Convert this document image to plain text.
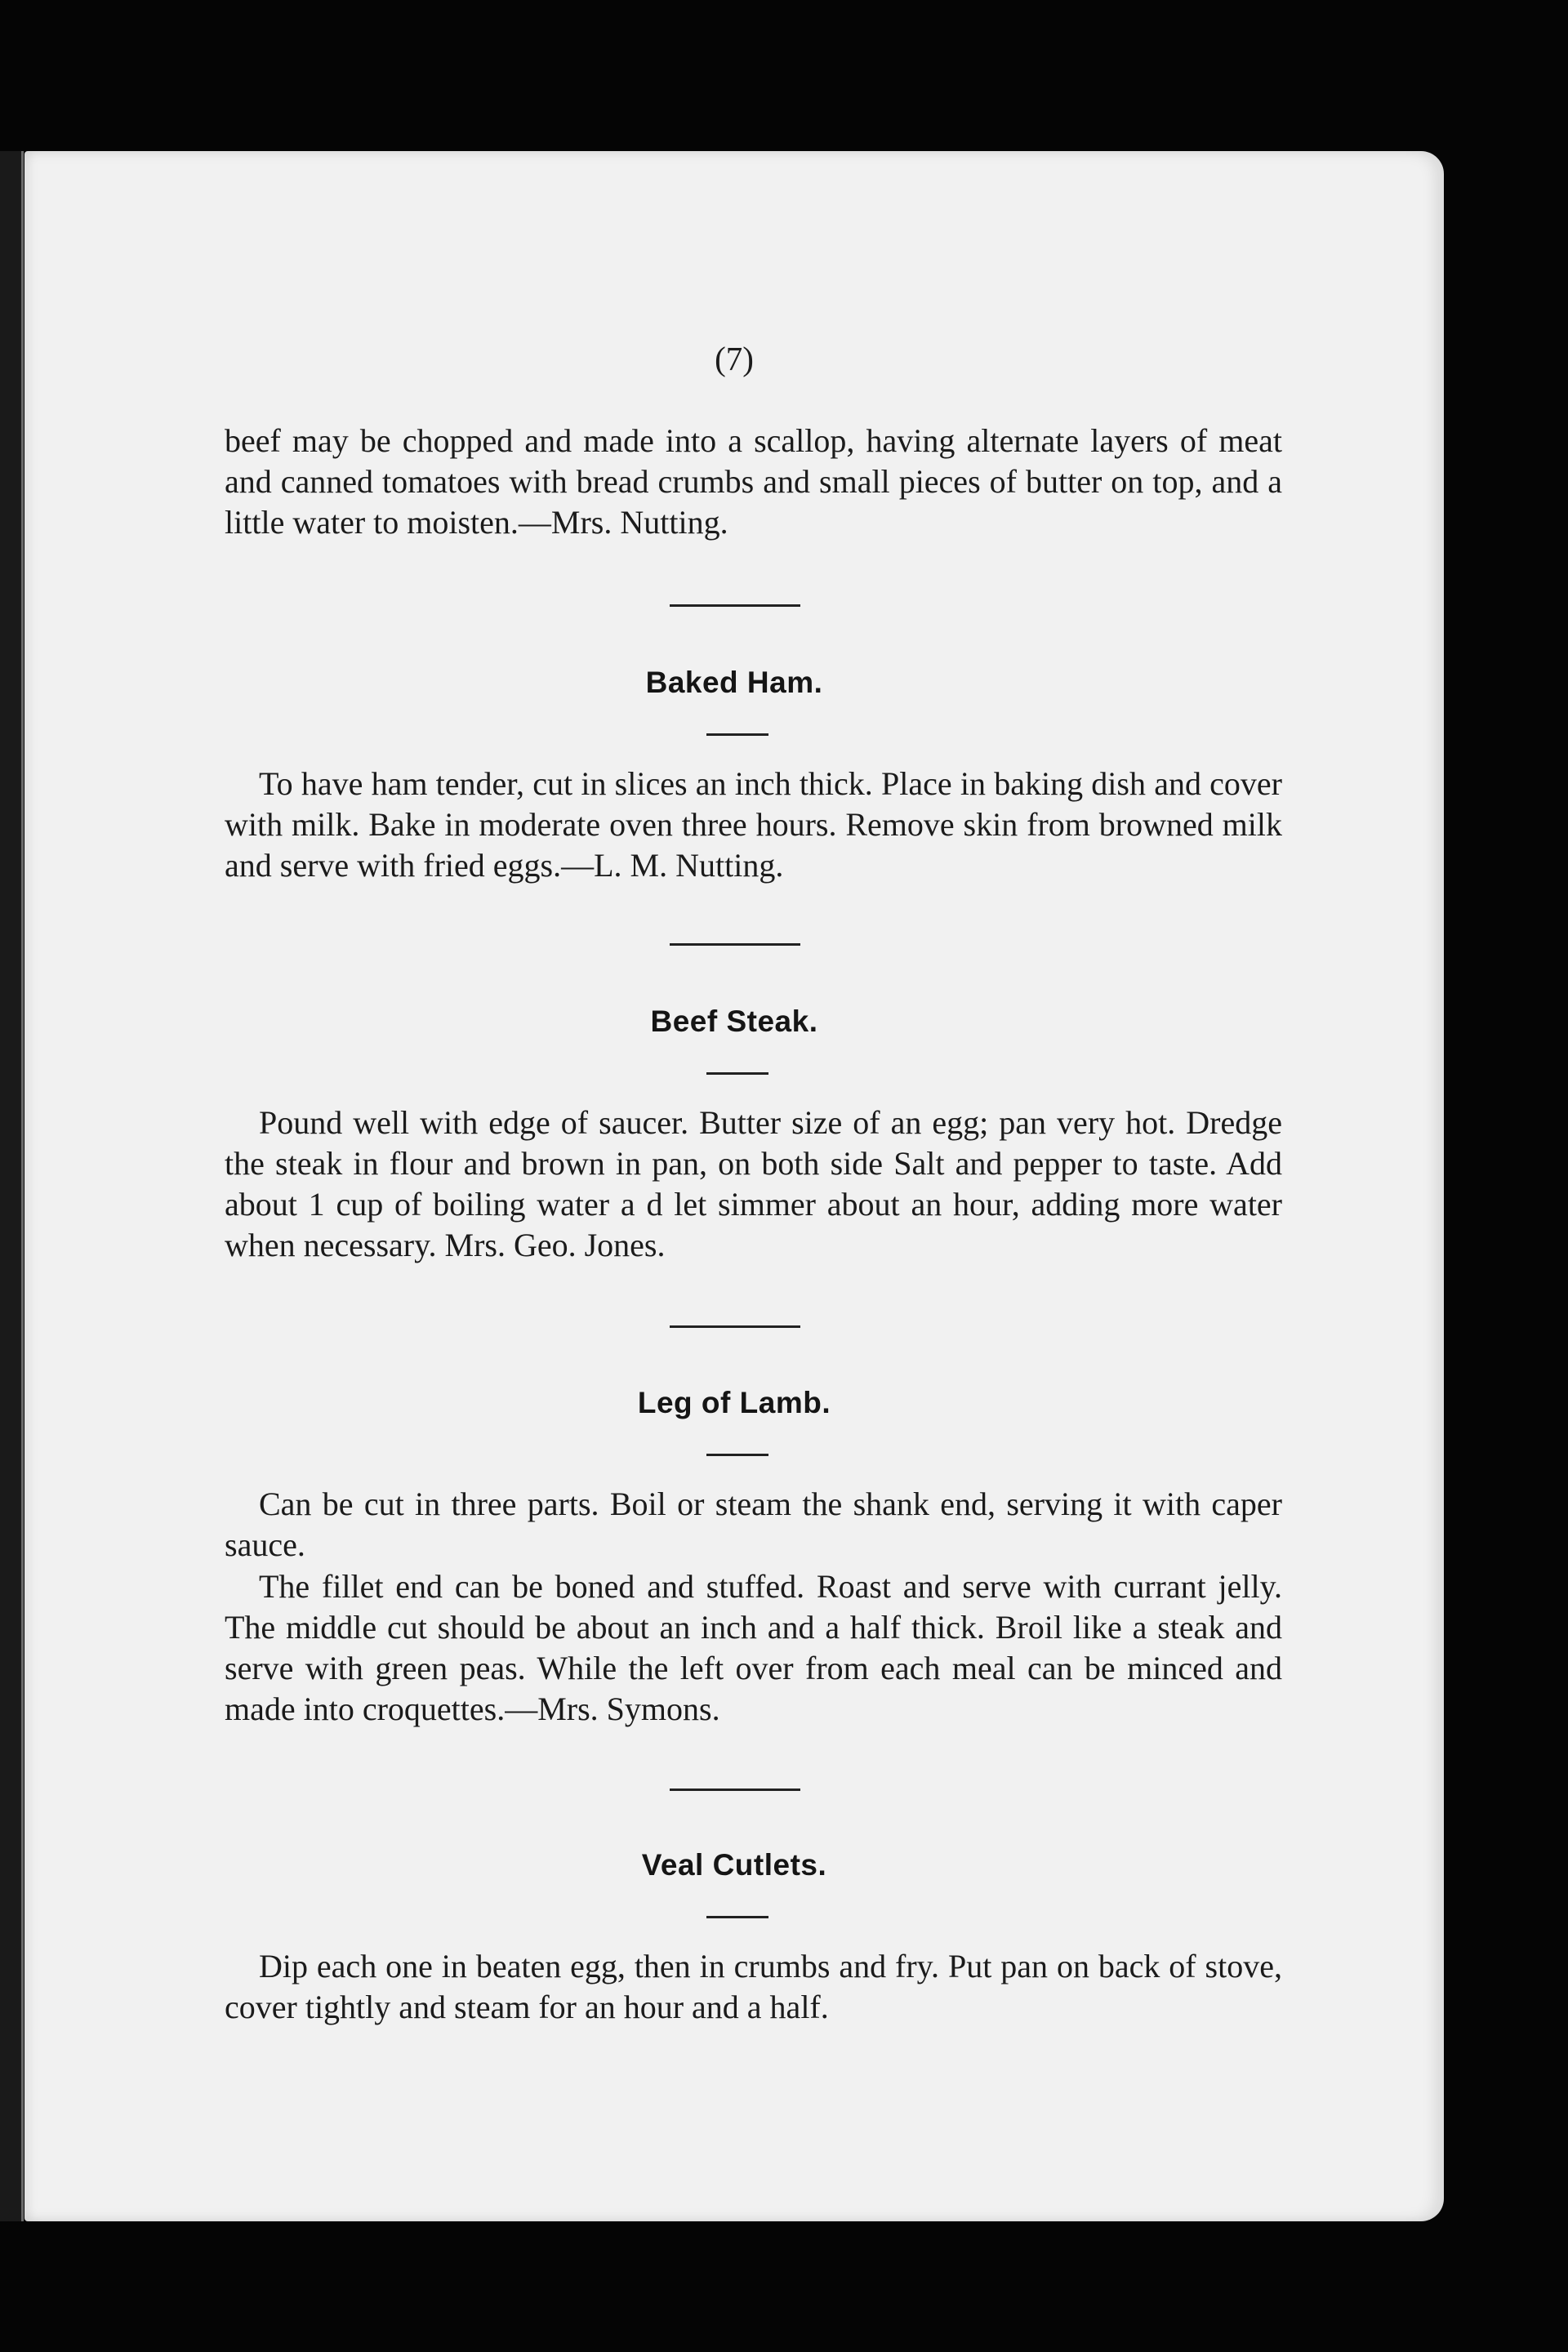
(7)

beef may be chopped and made into a scallop, having alternate layers of meat and canned tomatoes with bread crumbs and small pieces of butter on top, and a little water to moisten.—Mrs. Nutting.

Baked Ham.

To have ham tender, cut in slices an inch thick. Place in baking dish and cover with milk. Bake in moderate oven three hours. Remove skin from browned milk and serve with fried eggs.—L. M. Nutting.

Beef Steak.

Pound well with edge of saucer. Butter size of an egg; pan very hot. Dredge the steak in flour and brown in pan, on both side Salt and pepper to taste. Add about 1 cup of boiling water a d let simmer about an hour, adding more water when necessary. Mrs. Geo. Jones.

Leg of Lamb.

Can be cut in three parts. Boil or steam the shank end, serving it with caper sauce.

The fillet end can be boned and stuffed. Roast and serve with currant jelly. The middle cut should be about an inch and a half thick. Broil like a steak and serve with green peas. While the left over from each meal can be minced and made into croquettes.—Mrs. Symons.

Veal Cutlets.

Dip each one in beaten egg, then in crumbs and fry. Put pan on back of stove, cover tightly and steam for an hour and a half.
